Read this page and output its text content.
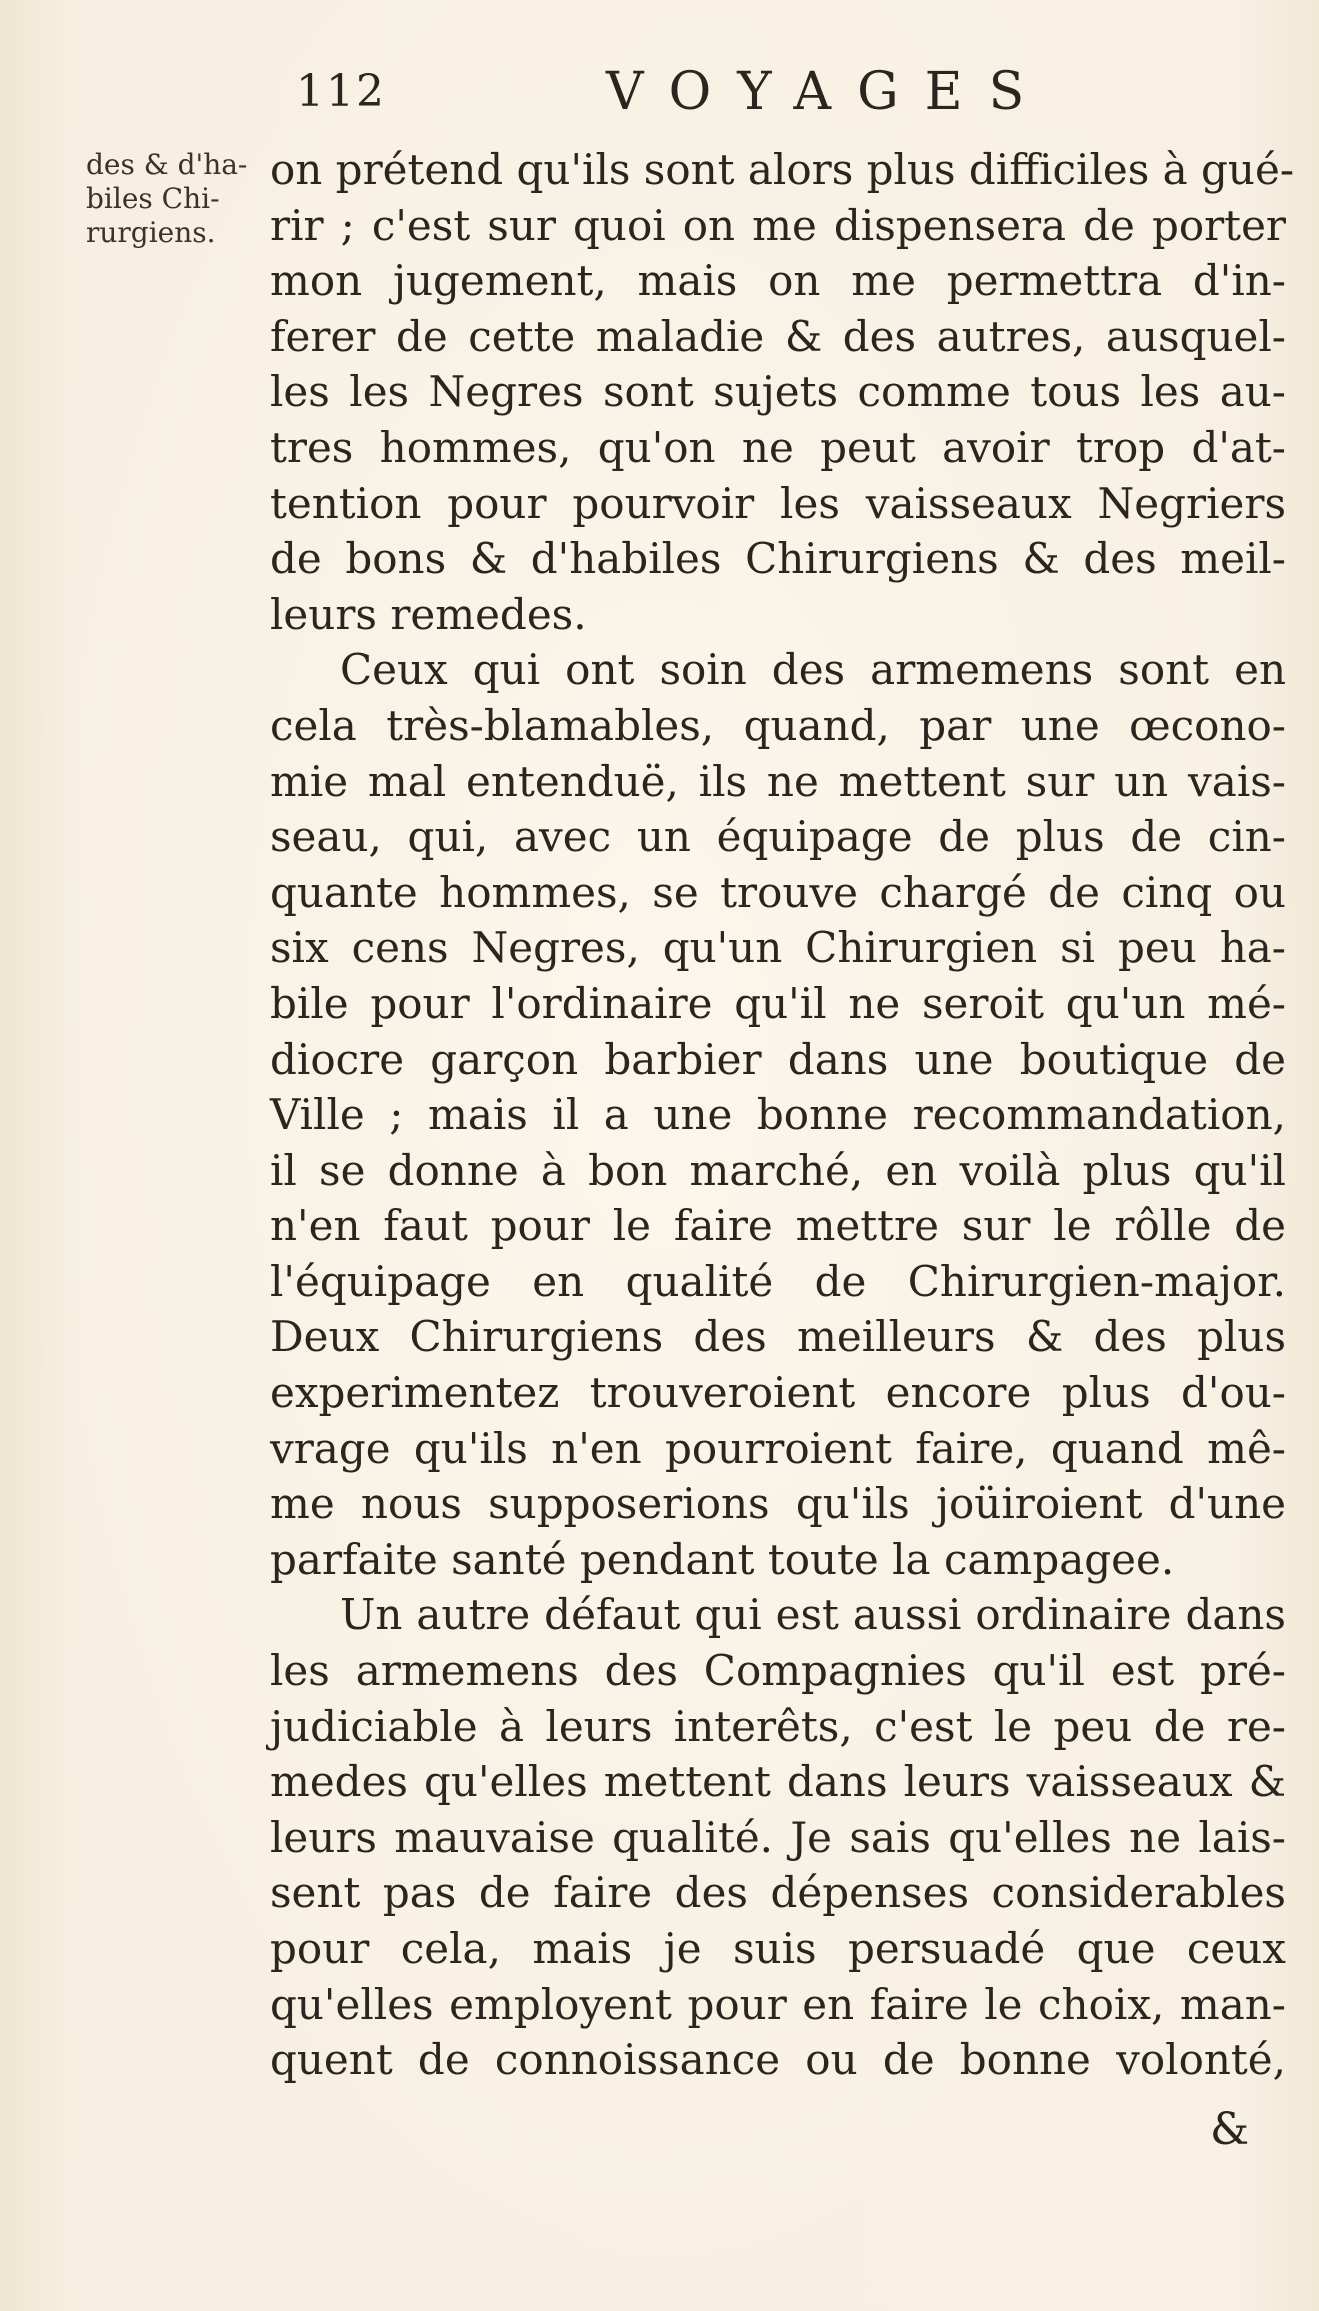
112	VOYAGES
des & d'ha-
biles Chi-
rurgiens.
on prétend qu'ils sont alors plus difficiles à gué-
rir ; c'est sur quoi on me dispensera de porter
mon jugement, mais on me permettra d'in-
ferer de cette maladie & des autres, ausquel-
les les Negres sont sujets comme tous les au-
tres hommes, qu'on ne peut avoir trop d'at-
tention pour pourvoir les vaisseaux Negriers
de bons & d'habiles Chirurgiens & des meil-
leurs remedes.
Ceux qui ont soin des armemens sont en
cela très-blamables, quand, par une œcono-
mie mal entenduë, ils ne mettent sur un vais-
seau, qui, avec un équipage de plus de cin-
quante hommes, se trouve chargé de cinq ou
six cens Negres, qu'un Chirurgien si peu ha-
bile pour l'ordinaire qu'il ne seroit qu'un mé-
diocre garçon barbier dans une boutique de
Ville ; mais il a une bonne recommandation,
il se donne à bon marché, en voilà plus qu'il
n'en faut pour le faire mettre sur le rôlle de
l'équipage en qualité de Chirurgien-major.
Deux Chirurgiens des meilleurs & des plus
experimentez trouveroient encore plus d'ou-
vrage qu'ils n'en pourroient faire, quand mê-
me nous supposerions qu'ils joüiroient d'une
parfaite santé pendant toute la campagee.
Un autre défaut qui est aussi ordinaire dans
les armemens des Compagnies qu'il est pré-
judiciable à leurs interêts, c'est le peu de re-
medes qu'elles mettent dans leurs vaisseaux &
leurs mauvaise qualité. Je sais qu'elles ne lais-
sent pas de faire des dépenses considerables
pour cela, mais je suis persuadé que ceux
qu'elles employent pour en faire le choix, man-
quent de connoissance ou de bonne volonté,
&
